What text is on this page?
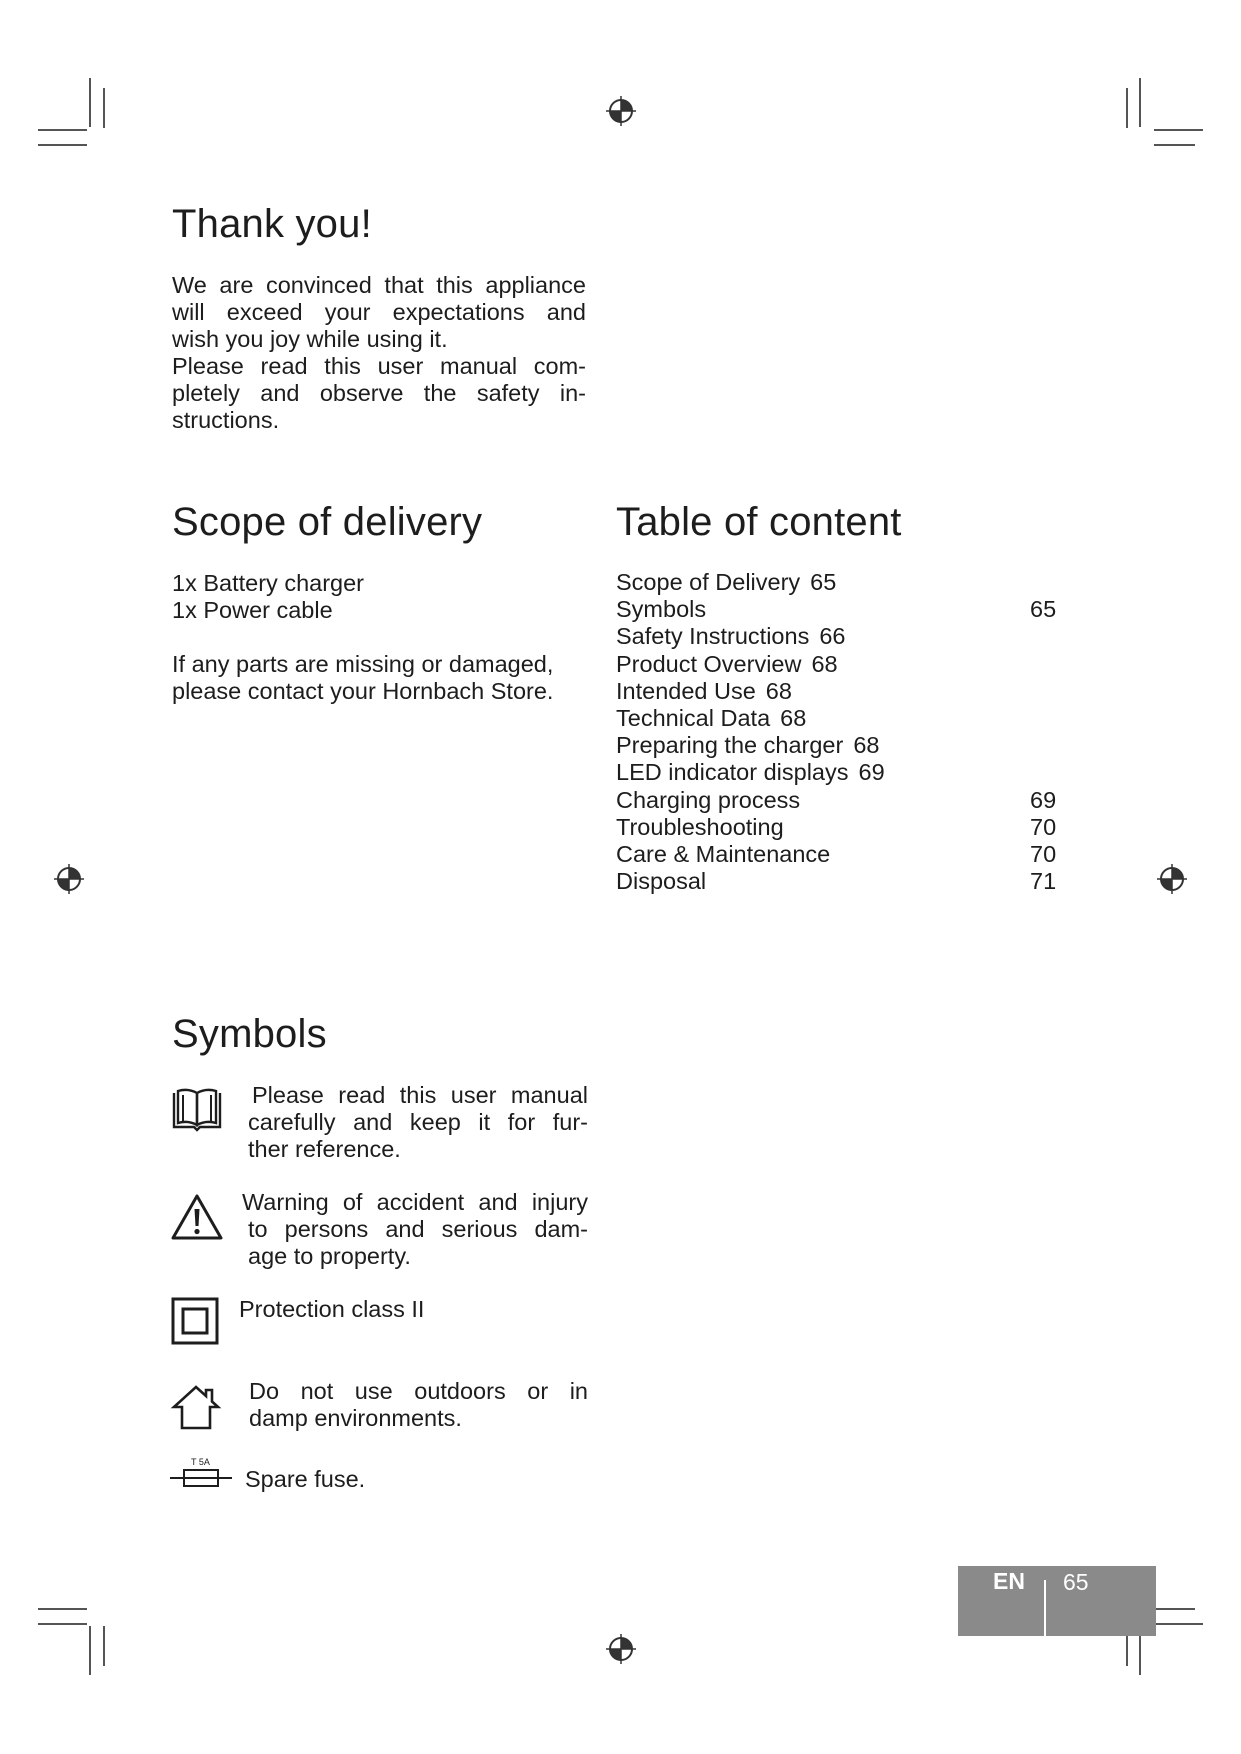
Thank you!

We are convinced that this appliance

will exceed your expectations and

wish you joy while using it.

Please read this user manual com-

pletely and observe the safety in-

structions.

Scope of delivery

1x Battery charger

1x Power cable

If any parts are missing or damaged,

please contact your Hornbach Store.

Table of content
Scope of Delivery 65
Symbols	65
Safety Instructions 66
Product Overview 68
Intended Use 68
Technical Data 68
Preparing the charger 68
LED indicator displays 69
Charging process	69
Troubleshooting	70
Care & Maintenance	70
Disposal	71
Symbols

Please read this user manual

carefully and keep it for fur-

ther reference.

Warning of accident and injury

to persons and serious dam-

age to property.

Protection class II

Do not use outdoors or in

damp environments.

T 5A

Spare fuse.

EN 65
